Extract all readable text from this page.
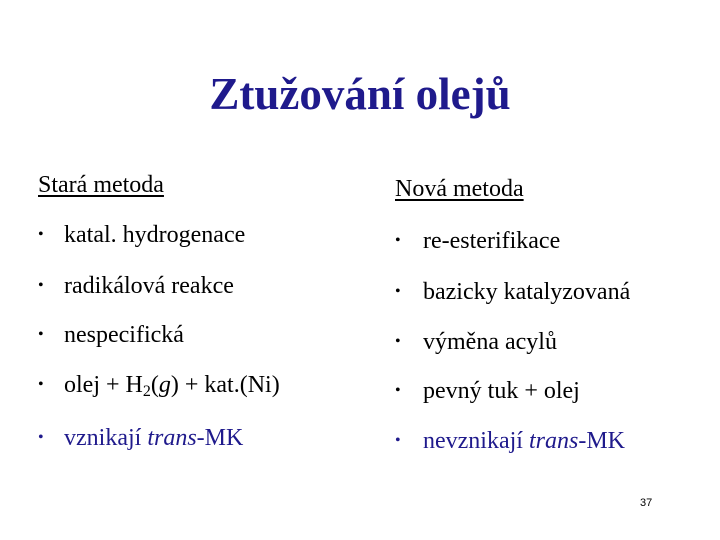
Ztužování olejů
Stará metoda
• katal. hydrogenace
• radikálová reakce
• nespecifická
• olej + $H_2(g) + kat.(Ni)$
• vznikají trans-MK
Nová metoda
• re-esterifikace
• bazicky katalyzovaná
• výměna acylů
• pevný tuk + olej
• nevznikají trans-MK
37
